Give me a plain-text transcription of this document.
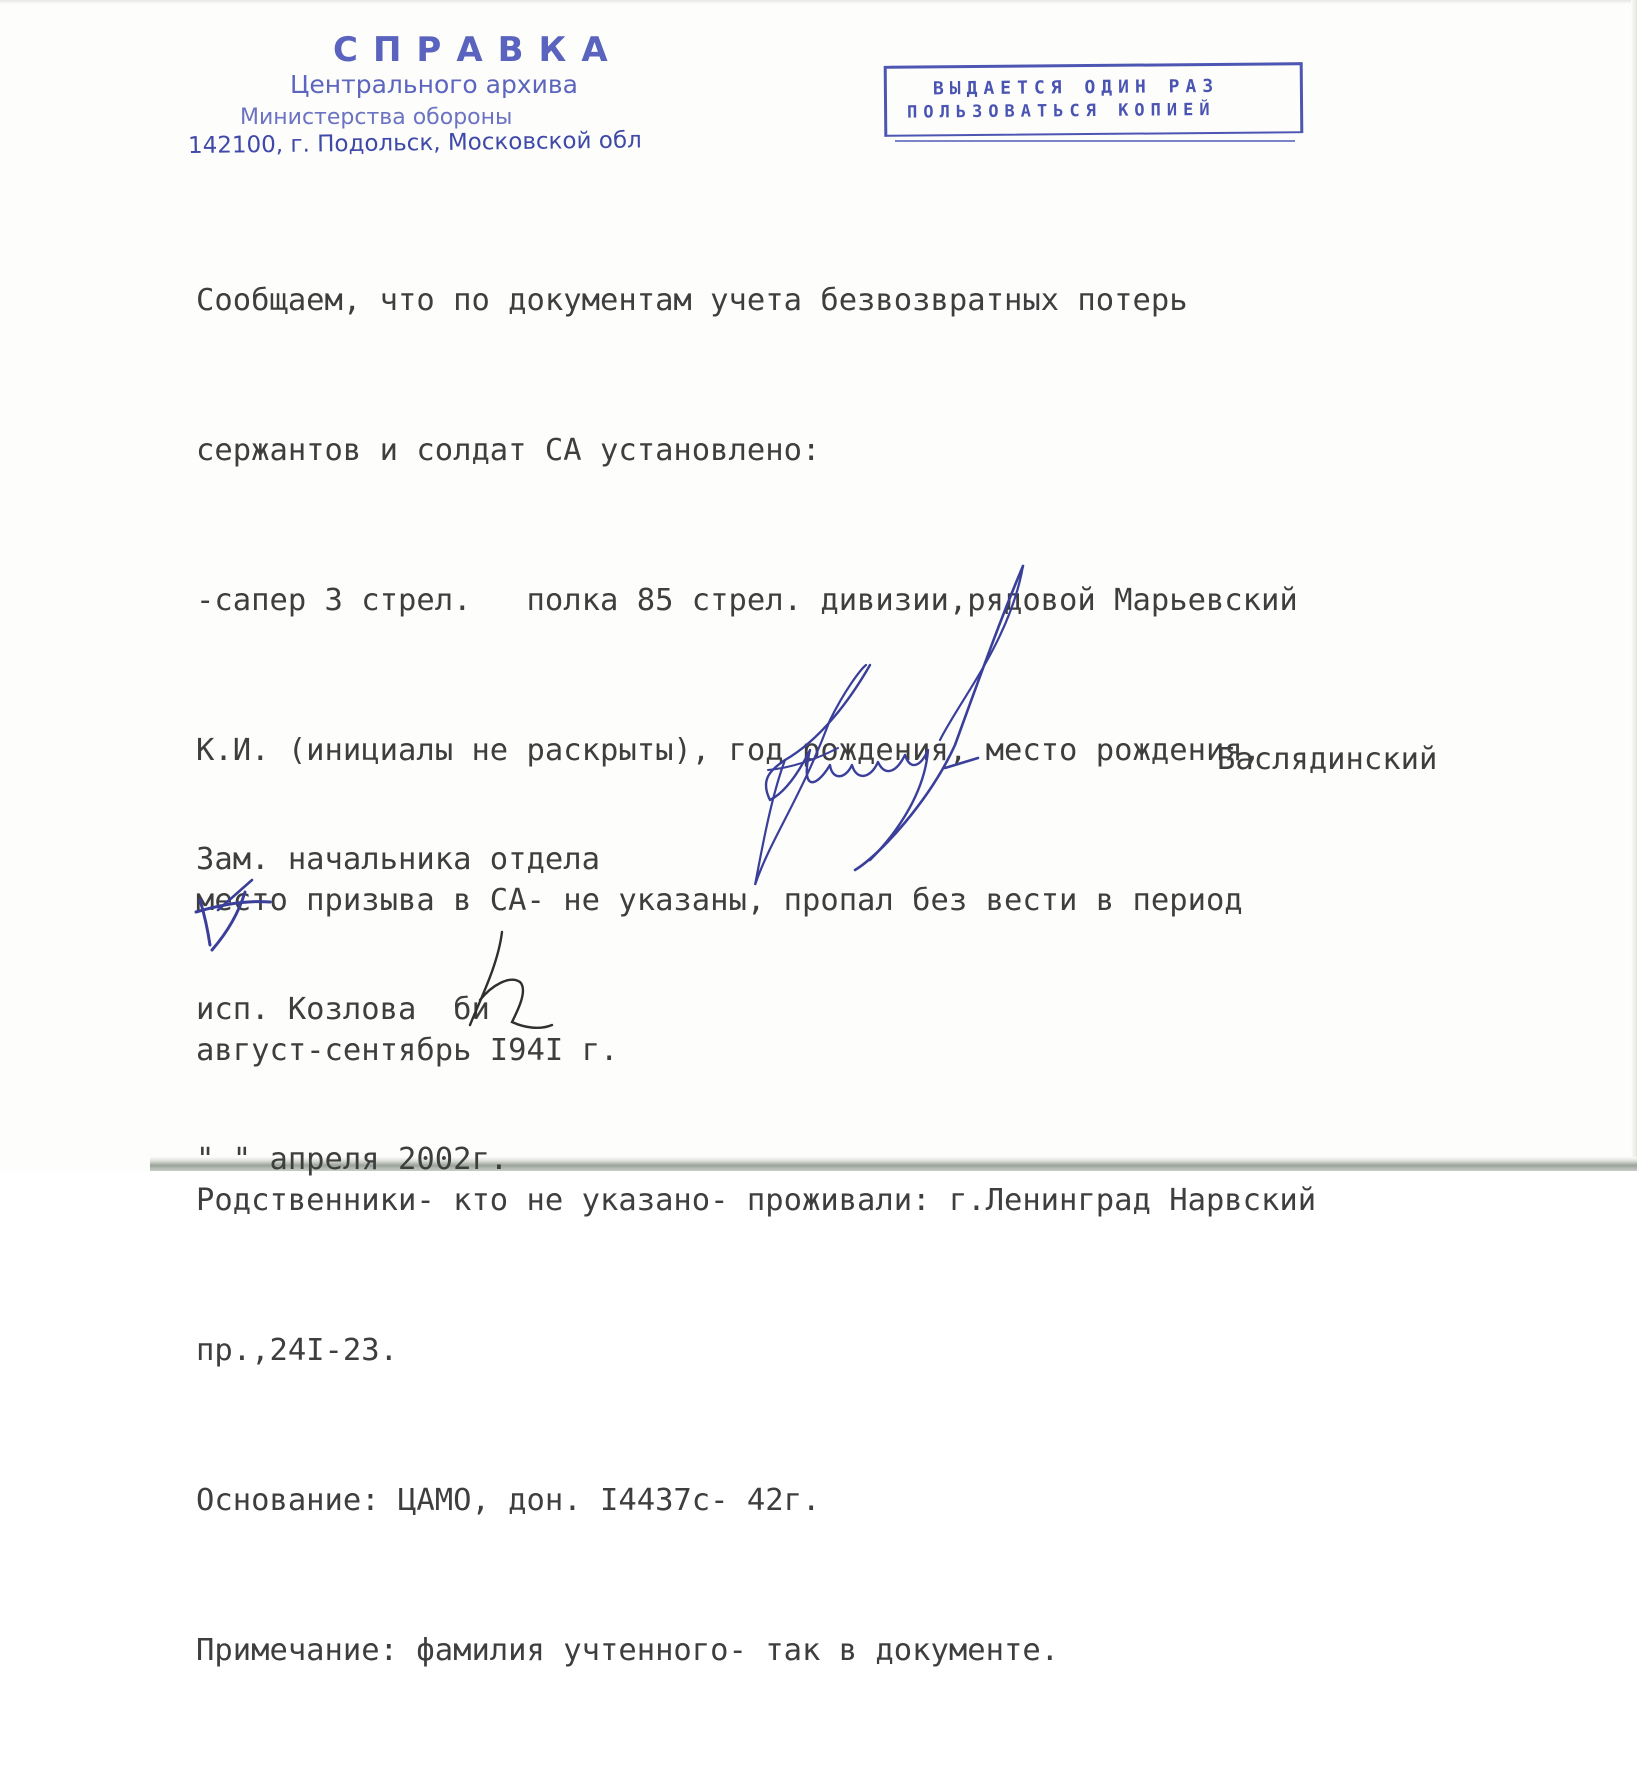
СПРАВКА
Центрального архива
Министерства обороны
142100, г. Подольск, Московской обл
ВЫДАЕТСЯ ОДИН РАЗ
ПОЛЬЗОВАТЬСЯ КОПИЕЙ

Сообщаем, что по документам учета безвозвратных потерь

сержантов и солдат СА установлено:

-сапер 3 стрел.   полка 85 стрел. дивизии,рядовой Марьевский

К.И. (инициалы не раскрыты), год рождения, место рождения,

место призыва в СА- не указаны, пропал без вести в период

август-сентябрь I94I г.

Родственники- кто не указано- проживали: г.Ленинград Нарвский

пр.,24I-23.

Основание: ЦАМО, дон. I4437с- 42г.

Примечание: фамилия учтенного- так в документе.

Зам. начальника отдела

исп. Козлова  би

" " апреля 2002г.

Баслядинский
